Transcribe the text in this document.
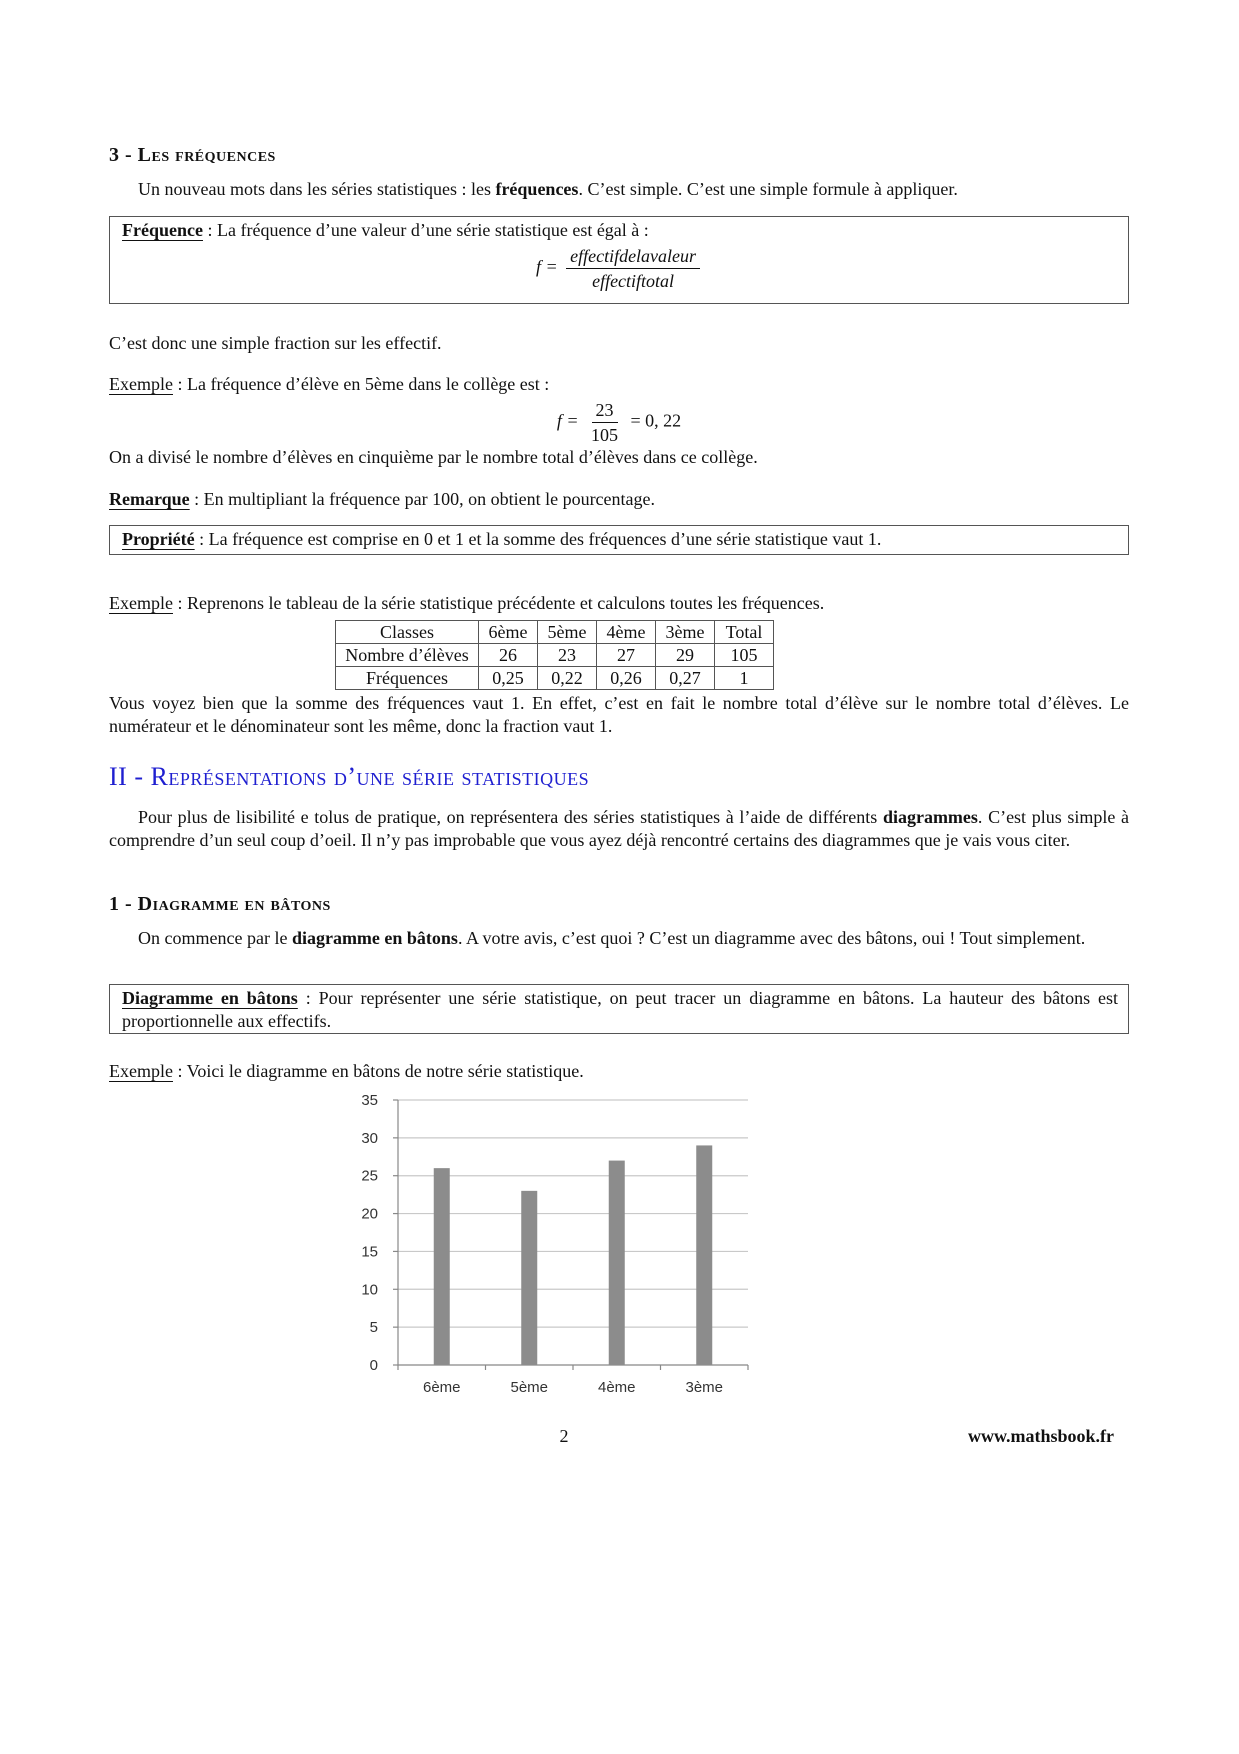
3 - Les fréquences

Un nouveau mots dans les séries statistiques : les fréquences. C’est simple. C’est une simple formule à appliquer.

Fréquence : La fréquence d’une valeur d’une série statistique est égal à :
$f = \frac{\text{effectifdelavaleur}}{\text{effectiftotal}}$

C’est donc une simple fraction sur les effectif.

Exemple : La fréquence d’élève en 5ème dans le collège est :

$f = \frac{23}{105} = 0$, 22

On a divisé le nombre d’élèves en cinquième par le nombre total d’élèves dans ce collège.

Remarque : En multipliant la fréquence par 100, on obtient le pourcentage.

Propriété : La fréquence est comprise en 0 et 1 et la somme des fréquences d’une série statistique vaut 1.

Exemple : Reprenons le tableau de la série statistique précédente et calculons toutes les fréquences.

Classes	6ème	5ème	4ème	3ème	Total
Nombre d’élèves	26	23	27	29	105
Fréquences	0,25	0,22	0,26	0,27	1

Vous voyez bien que la somme des fréquences vaut 1. En effet, c’est en fait le nombre total d’élève sur le nombre total d’élèves. Le numérateur et le dénominateur sont les même, donc la fraction vaut 1.

II - Représentations d’une série statistiques

Pour plus de lisibilité e tolus de pratique, on représentera des séries statistiques à l’aide de différents diagrammes. C’est plus simple à comprendre d’un seul coup d’oeil. Il n’y pas improbable que vous ayez déjà rencontré certains des diagrammes que je vais vous citer.

1 - Diagramme en bâtons

On commence par le diagramme en bâtons. A votre avis, c’est quoi ? C’est un diagramme avec des bâtons, oui ! Tout simplement.

Diagramme en bâtons : Pour représenter une série statistique, on peut tracer un diagramme en bâtons. La hauteur des bâtons est proportionnelle aux effectifs.

Exemple : Voici le diagramme en bâtons de notre série statistique.

2	www.mathsbook.fr
0
5
10
15
20
25
30
35
6ème	5ème	4ème	3ème
